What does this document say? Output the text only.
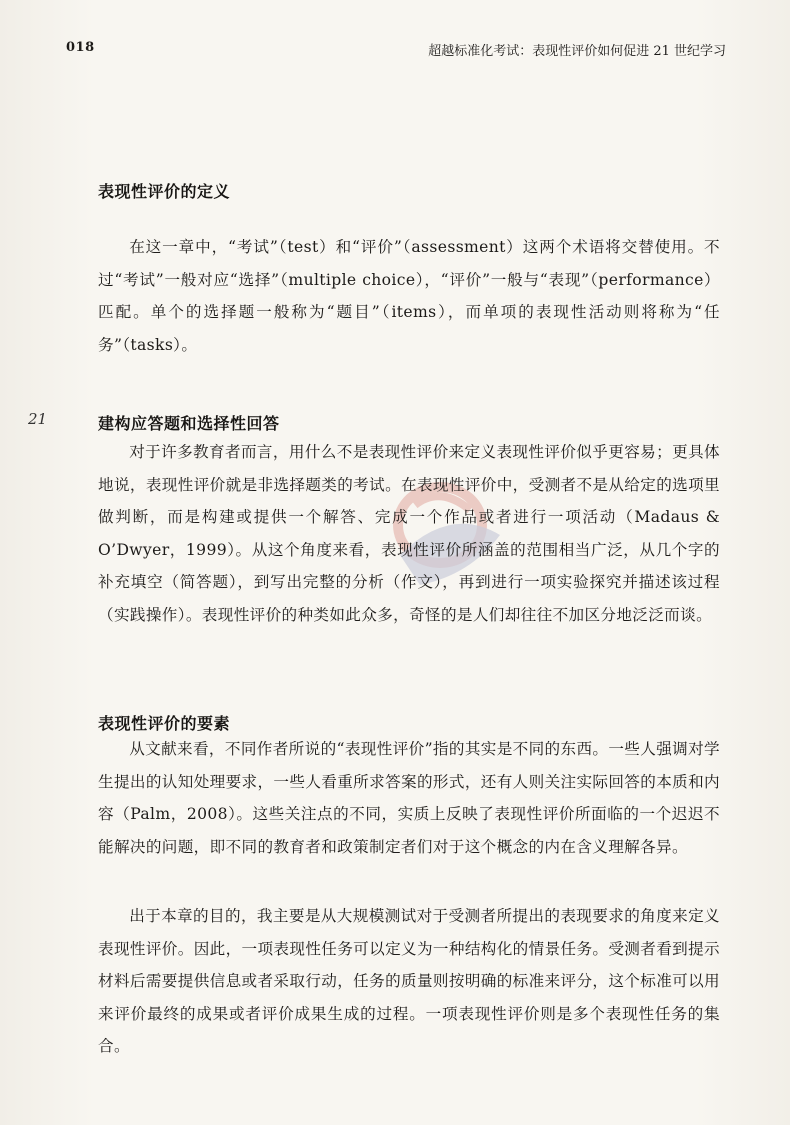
018	超越标准化考试：表现性评价如何促进 21 世纪学习
21
表现性评价的定义

在这一章中，“考试”（test）和“评价”（assessment）这两个术语将交替使用。不过“考试”一般对应“选择”（multiple choice），“评价”一般与“表现”（performance）匹配。单个的选择题一般称为“题目”（items），而单项的表现性活动则将称为“任务”（tasks）。

建构应答题和选择性回答

对于许多教育者而言，用什么不是表现性评价来定义表现性评价似乎更容易；更具体地说，表现性评价就是非选择题类的考试。在表现性评价中，受测者不是从给定的选项里做判断，而是构建或提供一个解答、完成一个作品或者进行一项活动（Madaus & O’Dwyer，1999）。从这个角度来看，表现性评价所涵盖的范围相当广泛，从几个字的补充填空（简答题），到写出完整的分析（作文），再到进行一项实验探究并描述该过程（实践操作）。表现性评价的种类如此众多，奇怪的是人们却往往不加区分地泛泛而谈。

表现性评价的要素

从文献来看，不同作者所说的“表现性评价”指的其实是不同的东西。一些人强调对学生提出的认知处理要求，一些人看重所求答案的形式，还有人则关注实际回答的本质和内容（Palm，2008）。这些关注点的不同，实质上反映了表现性评价所面临的一个迟迟不能解决的问题，即不同的教育者和政策制定者们对于这个概念的内在含义理解各异。

出于本章的目的，我主要是从大规模测试对于受测者所提出的表现要求的角度来定义表现性评价。因此，一项表现性任务可以定义为一种结构化的情景任务。受测者看到提示材料后需要提供信息或者采取行动，任务的质量则按明确的标准来评分，这个标准可以用来评价最终的成果或者评价成果生成的过程。一项表现性评价则是多个表现性任务的集合。
